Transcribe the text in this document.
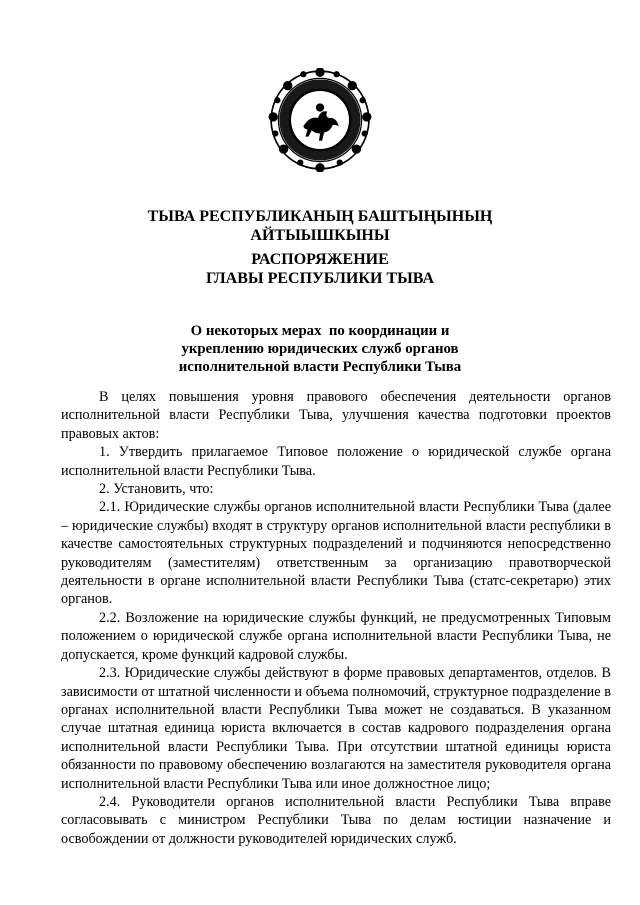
ТЫВА РЕСПУБЛИКАНЫҢ БАШТЫҢЫНЫҢ
АЙТЫЫШКЫНЫ
РАСПОРЯЖЕНИЕ
ГЛАВЫ РЕСПУБЛИКИ ТЫВА
О некоторых мерах  по координации и
укреплению юридических служб органов
исполнительной власти Республики Тыва

В целях повышения уровня правового обеспечения деятельности органов исполнительной власти Республики Тыва, улучшения качества подготовки проектов правовых актов:

1. Утвердить прилагаемое Типовое положение о юридической службе органа исполнительной власти Республики Тыва.

2. Установить, что:

2.1. Юридические службы органов исполнительной власти Республики Тыва (далее – юридические службы) входят в структуру органов исполнительной власти республики в качестве самостоятельных структурных подразделений и подчиняются непосредственно руководителям (заместителям) ответственным за организацию правотворческой деятельности в органе исполнительной власти Республики Тыва (статс-секретарю) этих органов.

2.2. Возложение на юридические службы функций, не предусмотренных Типовым положением о юридической службе органа исполнительной власти Республики Тыва, не допускается, кроме функций кадровой службы.

2.3. Юридические службы действуют в форме правовых департаментов, отделов. В зависимости от штатной численности и объема полномочий, структурное подразделение в органах исполнительной власти Республики Тыва может не создаваться. В указанном случае штатная единица юриста включается в состав кадрового подразделения органа исполнительной власти Республики Тыва. При отсутствии штатной единицы юриста обязанности по правовому обеспечению возлагаются на заместителя руководителя органа исполнительной власти Республики Тыва или иное должностное лицо;

2.4. Руководители органов исполнительной власти Республики Тыва вправе согласовывать с министром Республики Тыва по делам юстиции назначение и освобождении от должности руководителей юридических служб.
